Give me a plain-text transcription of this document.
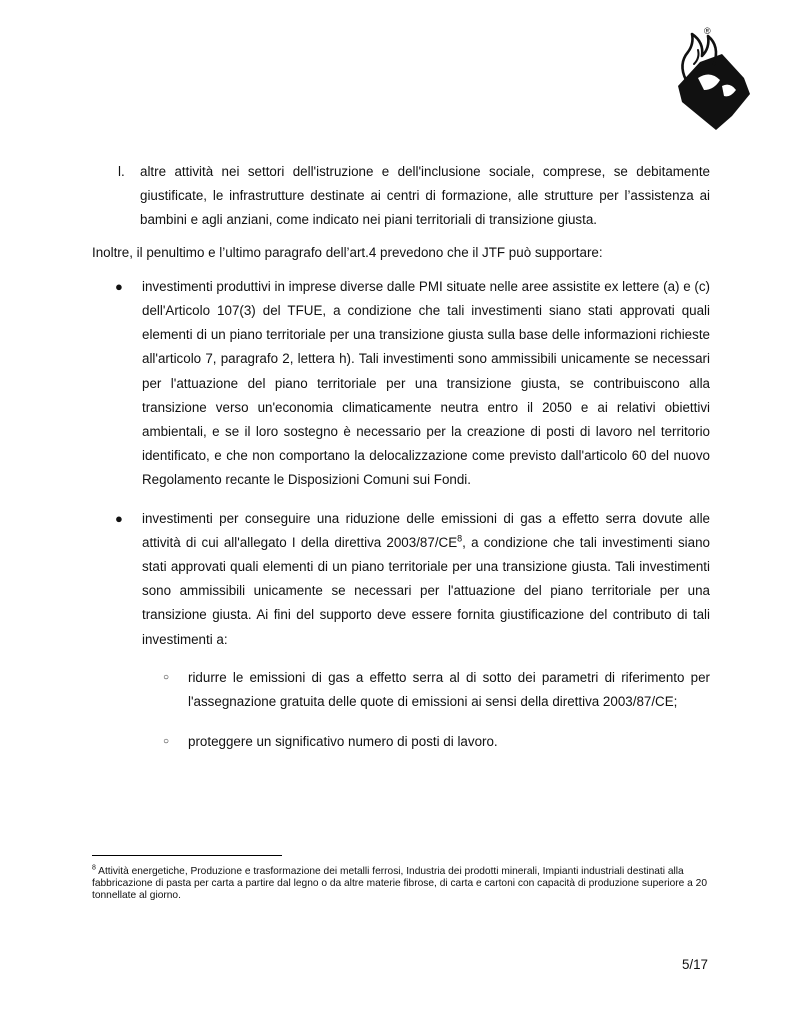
®

l. altre attività nei settori dell'istruzione e dell'inclusione sociale, comprese, se debitamente giustificate, le infrastrutture destinate ai centri di formazione, alle strutture per l’assistenza ai bambini e agli anziani, come indicato nei piani territoriali di transizione giusta.

Inoltre, il penultimo e l’ultimo paragrafo dell’art.4 prevedono che il JTF può supportare:

● investimenti produttivi in imprese diverse dalle PMI situate nelle aree assistite ex lettere (a) e (c) dell'Articolo 107(3) del TFUE, a condizione che tali investimenti siano stati approvati quali elementi di un piano territoriale per una transizione giusta sulla base delle informazioni richieste all'articolo 7, paragrafo 2, lettera h). Tali investimenti sono ammissibili unicamente se necessari per l'attuazione del piano territoriale per una transizione giusta, se contribuiscono alla transizione verso un'economia climaticamente neutra entro il 2050 e ai relativi obiettivi ambientali, e se il loro sostegno è necessario per la creazione di posti di lavoro nel territorio identificato, e che non comportano la delocalizzazione come previsto dall'articolo 60 del nuovo Regolamento recante le Disposizioni Comuni sui Fondi.

● investimenti per conseguire una riduzione delle emissioni di gas a effetto serra dovute alle attività di cui all'allegato I della direttiva $2003/87/CE^8$, a condizione che tali investimenti siano stati approvati quali elementi di un piano territoriale per una transizione giusta. Tali investimenti sono ammissibili unicamente se necessari per l'attuazione del piano territoriale per una transizione giusta. Ai fini del supporto deve essere fornita giustificazione del contributo di tali investimenti a:

○ ridurre le emissioni di gas a effetto serra al di sotto dei parametri di riferimento per l'assegnazione gratuita delle quote di emissioni ai sensi della direttiva 2003/87/CE;

○ proteggere un significativo numero di posti di lavoro.

$^8$ Attività energetiche, Produzione e trasformazione dei metalli ferrosi, Industria dei prodotti minerali, Impianti industriali destinati alla fabbricazione di pasta per carta a partire dal legno o da altre materie fibrose, di carta e cartoni con capacità di produzione superiore a 20 tonnellate al giorno.
5/17
